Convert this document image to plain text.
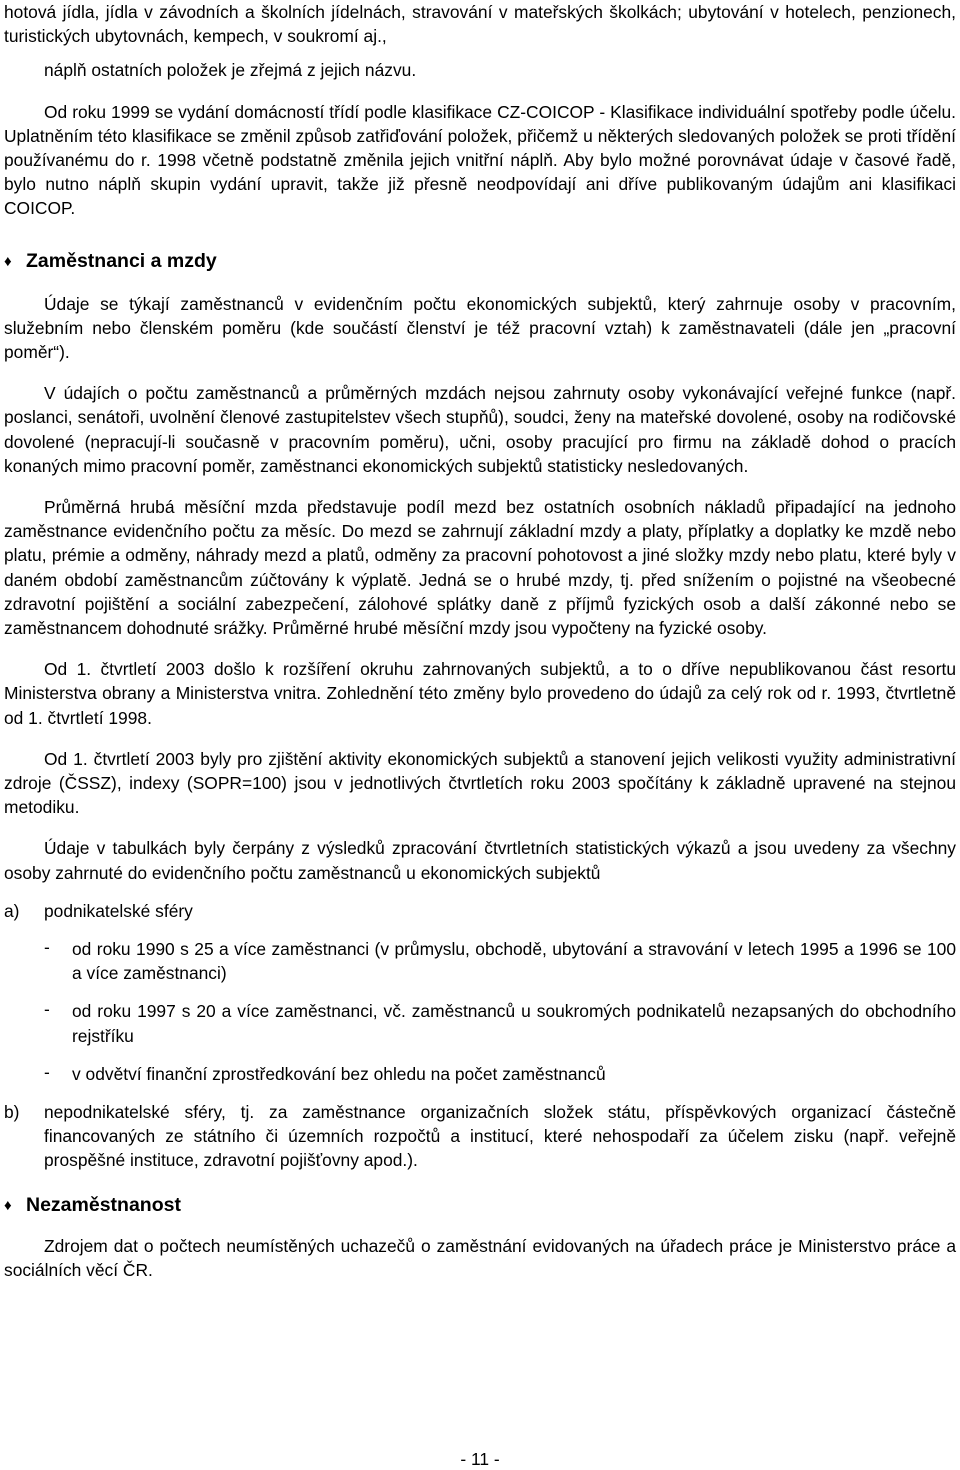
hotová jídla, jídla v závodních a školních jídelnách, stravování v mateřských školkách; ubytování v hotelech, penzionech, turistických ubytovnách, kempech, v soukromí aj.,

náplň ostatních položek je zřejmá z jejich názvu.

Od roku 1999 se vydání domácností třídí podle klasifikace CZ-COICOP - Klasifikace individuální spotřeby podle účelu. Uplatněním této klasifikace se změnil způsob zatřiďování položek, přičemž u některých sledovaných položek se proti třídění používanému do r. 1998 včetně podstatně změnila jejich vnitřní náplň. Aby bylo možné porovnávat údaje v časové řadě, bylo nutno náplň skupin vydání upravit, takže již přesně neodpovídají ani dříve publikovaným údajům ani klasifikaci COICOP.

♦ Zaměstnanci a mzdy

Údaje se týkají zaměstnanců v evidenčním počtu ekonomických subjektů, který zahrnuje osoby v pracovním, služebním nebo členském poměru (kde součástí členství je též pracovní vztah) k zaměstnavateli (dále jen „pracovní poměr“).

V údajích o počtu zaměstnanců a průměrných mzdách nejsou zahrnuty osoby vykonávající veřejné funkce (např. poslanci, senátoři, uvolnění členové zastupitelstev všech stupňů), soudci, ženy na mateřské dovolené, osoby na rodičovské dovolené (nepracují-li současně v pracovním poměru), učni, osoby pracující pro firmu na základě dohod o pracích konaných mimo pracovní poměr, zaměstnanci ekonomických subjektů statisticky nesledovaných.

Průměrná hrubá měsíční mzda představuje podíl mezd bez ostatních osobních nákladů připadající na jednoho zaměstnance evidenčního počtu za měsíc. Do mezd se zahrnují základní mzdy a platy, příplatky a doplatky ke mzdě nebo platu, prémie a odměny, náhrady mezd a platů, odměny za pracovní pohotovost a jiné složky mzdy nebo platu, které byly v daném období zaměstnancům zúčtovány k výplatě. Jedná se o hrubé mzdy, tj. před snížením o pojistné na všeobecné zdravotní pojištění a sociální zabezpečení, zálohové splátky daně z příjmů fyzických osob a další zákonné nebo se zaměstnancem dohodnuté srážky. Průměrné hrubé měsíční mzdy jsou vypočteny na fyzické osoby.

Od 1. čtvrtletí 2003 došlo k rozšíření okruhu zahrnovaných subjektů, a to o dříve nepublikovanou část resortu Ministerstva obrany a Ministerstva vnitra. Zohlednění této změny bylo provedeno do údajů za celý rok od r. 1993, čtvrtletně od 1. čtvrtletí 1998.

Od 1. čtvrtletí 2003 byly pro zjištění aktivity ekonomických subjektů a stanovení jejich velikosti využity administrativní zdroje (ČSSZ), indexy (SOPR=100) jsou v jednotlivých čtvrtletích roku 2003 spočítány k základně upravené na stejnou metodiku.

Údaje v tabulkách byly čerpány z výsledků zpracování čtvrtletních statistických výkazů a jsou uvedeny za všechny osoby zahrnuté do evidenčního počtu zaměstnanců u ekonomických subjektů

a)	podnikatelské sféry
-	od roku 1990 s 25 a více zaměstnanci (v průmyslu, obchodě, ubytování a stravování v letech 1995 a 1996 se 100 a více zaměstnanci)

-	od roku 1997 s 20 a více zaměstnanci, vč. zaměstnanců u soukromých podnikatelů nezapsaných do obchodního rejstříku

-	v odvětví finanční zprostředkování bez ohledu na počet zaměstnanců

b)	nepodnikatelské sféry, tj. za zaměstnance organizačních složek státu, příspěvkových organizací částečně financovaných ze státního či územních rozpočtů a institucí, které nehospodaří za účelem zisku (např. veřejně prospěšné instituce, zdravotní pojišťovny apod.).

♦ Nezaměstnanost

Zdrojem dat o počtech neumístěných uchazečů o zaměstnání evidovaných na úřadech práce je Ministerstvo práce a sociálních věcí ČR.

- 11 -
